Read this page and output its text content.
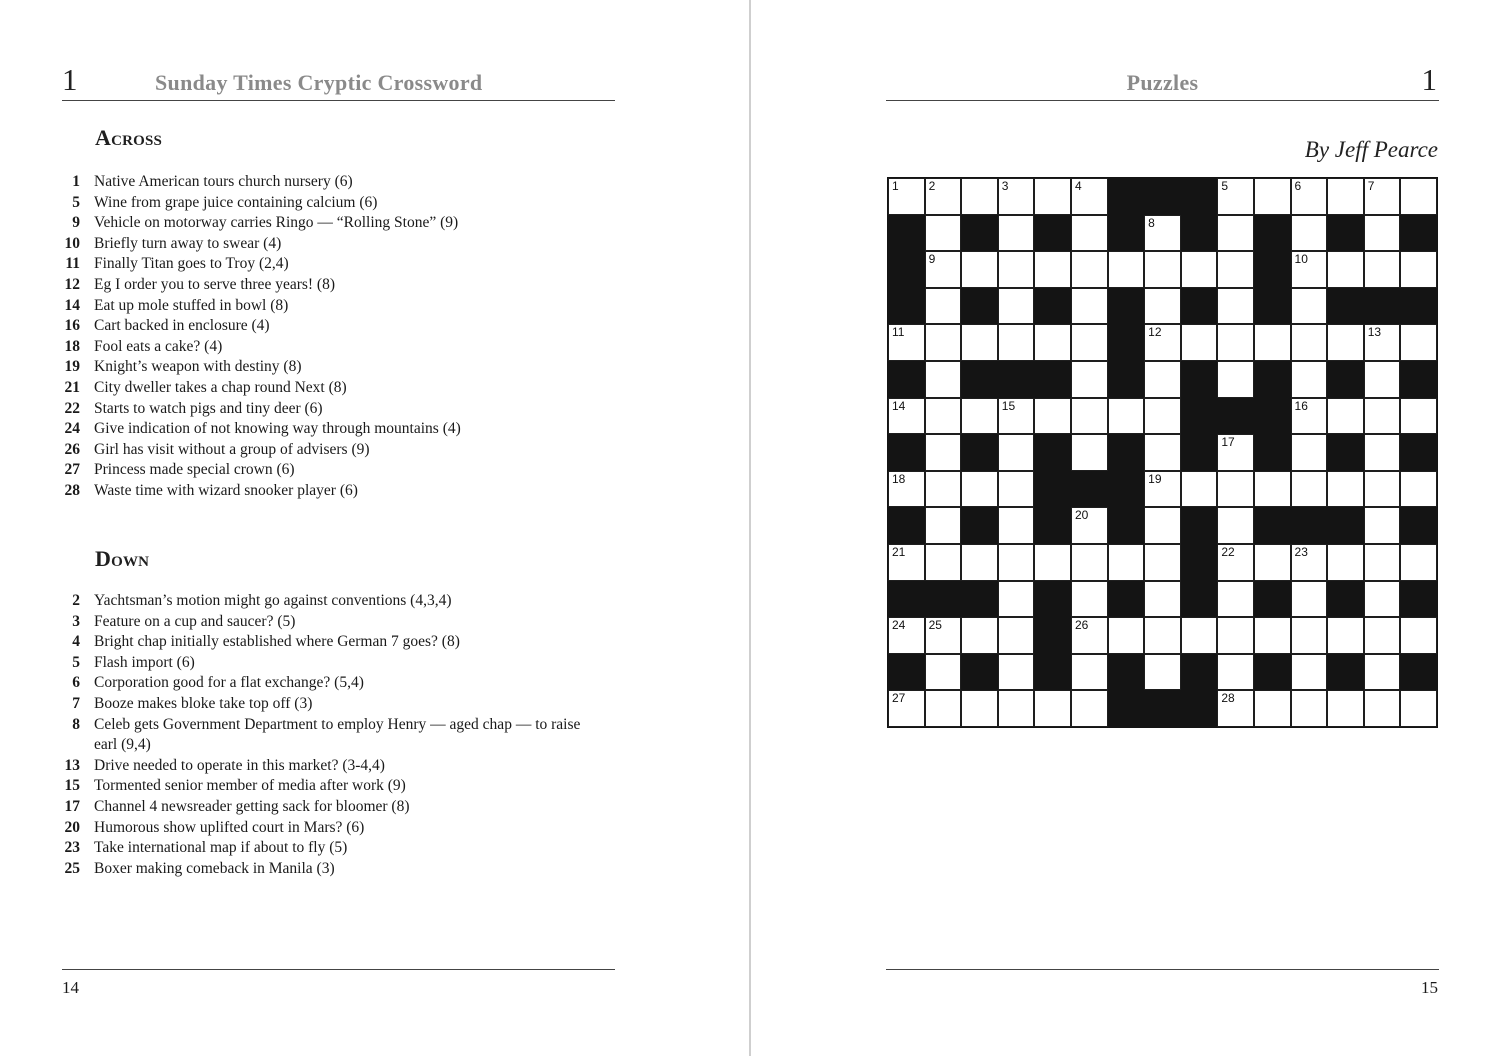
1	Sunday Times Cryptic Crossword
Across
1 Native American tours church nursery (6)
5 Wine from grape juice containing calcium (6)
9 Vehicle on motorway carries Ringo — “Rolling Stone” (9)
10 Briefly turn away to swear (4)
11 Finally Titan goes to Troy (2,4)
12 Eg I order you to serve three years! (8)
14 Eat up mole stuffed in bowl (8)
16 Cart backed in enclosure (4)
18 Fool eats a cake? (4)
19 Knight’s weapon with destiny (8)
21 City dweller takes a chap round Next (8)
22 Starts to watch pigs and tiny deer (6)
24 Give indication of not knowing way through mountains (4)
26 Girl has visit without a group of advisers (9)
27 Princess made special crown (6)
28 Waste time with wizard snooker player (6)
Down
2 Yachtsman’s motion might go against conventions (4,3,4)
3 Feature on a cup and saucer? (5)
4 Bright chap initially established where German 7 goes? (8)
5 Flash import (6)
6 Corporation good for a flat exchange? (5,4)
7 Booze makes bloke take top off (3)
8 Celeb gets Government Department to employ Henry — aged chap — to raise earl (9,4)
13 Drive needed to operate in this market? (3-4,4)
15 Tormented senior member of media after work (9)
17 Channel 4 newsreader getting sack for bloomer (8)
20 Humorous show uplifted court in Mars? (6)
23 Take international map if about to fly (5)
25 Boxer making comeback in Manila (3)
14
Puzzles	1
By Jeff Pearce
1 2	3	4	5	6	7
8
9	10
11	12	13
14	15	16
17
18	19
20
21	22	23
24 25	26
27	28
15
